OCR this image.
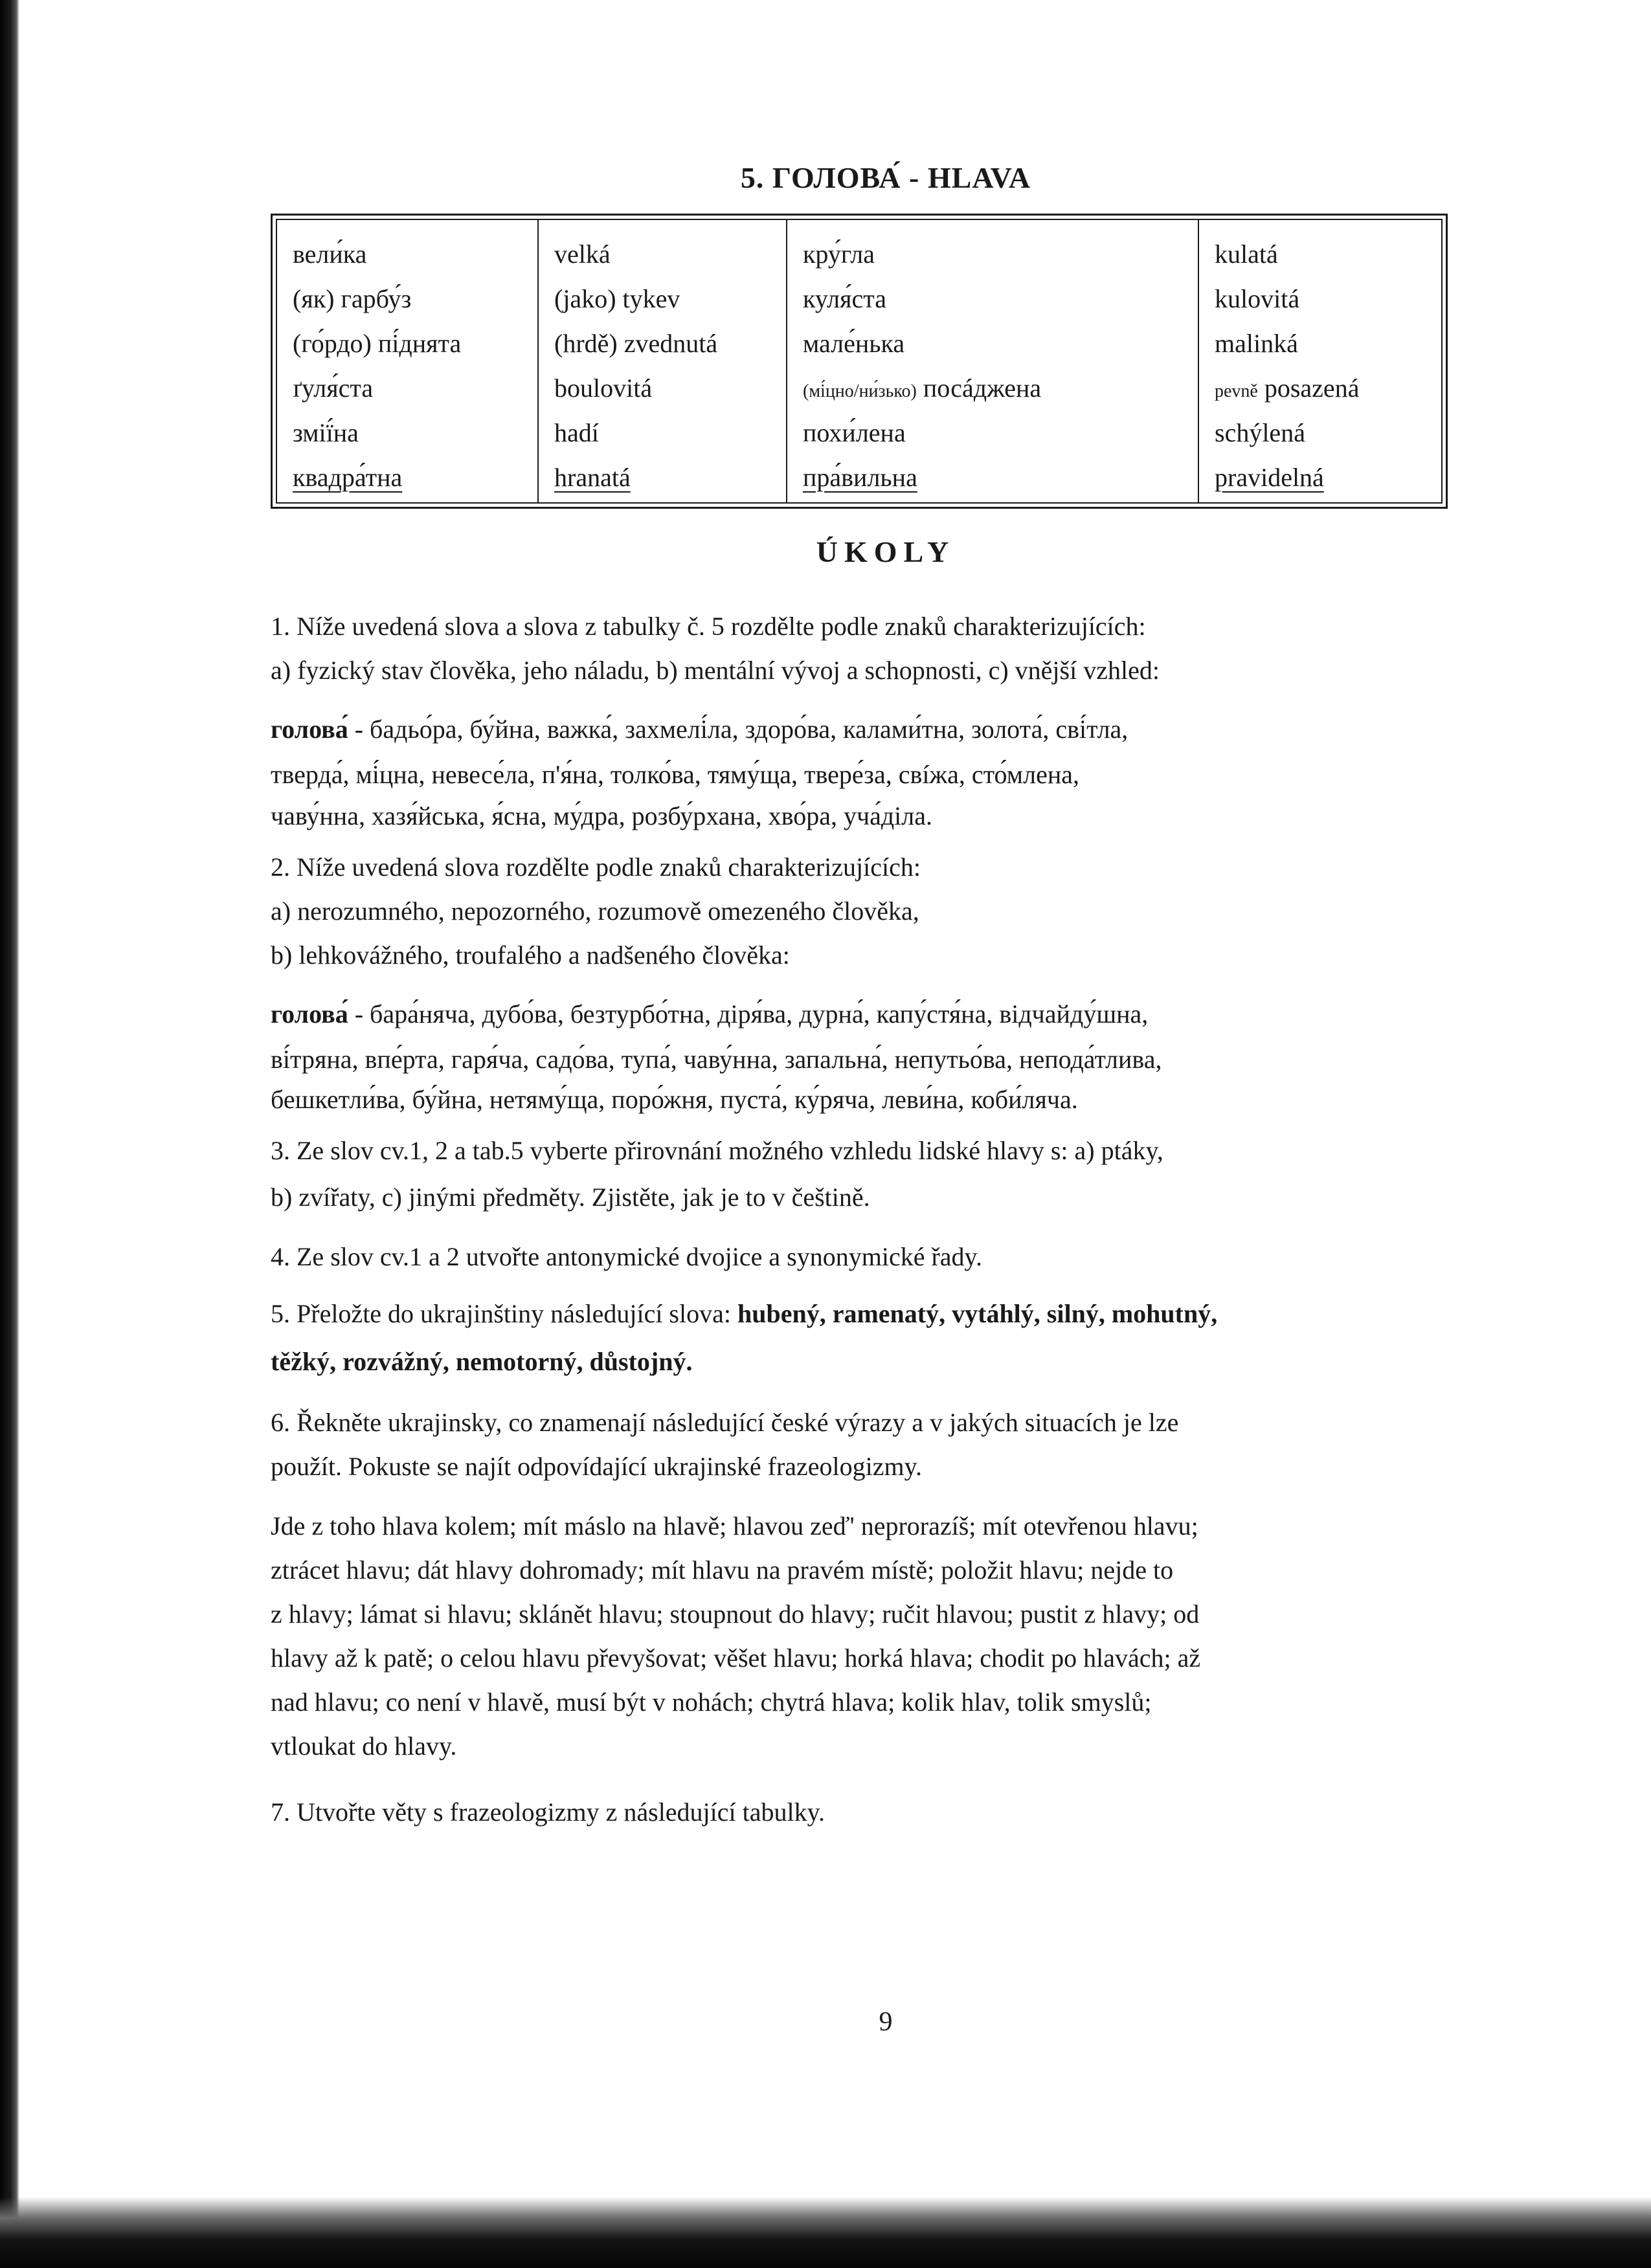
5. ГОЛОВА́ - HLAVA
вели́ка
(як) гарбу́з
(го́рдо) пі́днята
ґуля́ста
змії́на
квадра́тна
velká
(jako) tykev
(hrdě) zvednutá
boulovitá
hadí
hranatá
кру́гла
куля́ста
мале́нька
(мі́цно/ни́зько) посáджена
похи́лена
пра́вильна
kulatá
kulovitá
malinká
pevně posazená
schýlená
pravidelná
ÚKOLY
1. Níže uvedená slova a slova z tabulky č. 5 rozdělte podle znaků charakterizujících:
a) fyzický stav člověka, jeho náladu, b) mentální vývoj a schopnosti, c) vnější vzhled:
голова́ - бадьо́ра, бу́йна, важка́, захмелі́ла, здоро́ва, калами́тна, золота́, сві́тла,
тверда́, мі́цна, невесе́ла, п'я́на, толко́ва, тяму́ща, твере́за, свíжа, сто́млена,
чаву́нна, хазя́йська, я́сна, му́дра, розбу́рхана, хво́ра, уча́діла.
2. Níže uvedená slova rozdělte podle znaků charakterizujících:
a) nerozumného, nepozorného, rozumově omezeného člověka,
b) lehkovážného, troufalého a nadšeného člověka:
голова́ - бара́няча, дубо́ва, безтурбо́тна, діря́ва, дурна́, капу́стя́на, відчайду́шна,
ві́тряна, впе́рта, гаря́ча, садо́ва, тупа́, чаву́нна, запальна́, непутьо́ва, непода́тлива,
бешкетли́ва, бу́йна, нетяму́ща, поро́жня, пуста́, ку́ряча, леви́на, коби́ляча.
3. Ze slov cv.1, 2 a tab.5 vyberte přirovnání možného vzhledu lidské hlavy s: a) ptáky,
b) zvířaty, c) jinými předměty. Zjistěte, jak je to v češtině.
4. Ze slov cv.1 a 2 utvořte antonymické dvojice a synonymické řady.
5. Přeložte do ukrajinštiny následující slova: hubený, ramenatý, vytáhlý, silný, mohutný,
těžký, rozvážný, nemotorný, důstojný.
6. Řekněte ukrajinsky, co znamenají následující české výrazy a v jakých situacích je lze
použít. Pokuste se najít odpovídající ukrajinské frazeologizmy.
Jde z toho hlava kolem; mít máslo na hlavě; hlavou zeď' neprorazíš; mít otevřenou hlavu;
ztrácet hlavu; dát hlavy dohromady; mít hlavu na pravém místě; položit hlavu; nejde to
z hlavy; lámat si hlavu; sklánět hlavu; stoupnout do hlavy; ručit hlavou; pustit z hlavy; od
hlavy až k patě; o celou hlavu převyšovat; věšet hlavu; horká hlava; chodit po hlavách; až
nad hlavu; co není v hlavě, musí být v nohách; chytrá hlava; kolik hlav, tolik smyslů;
vtloukat do hlavy.
7. Utvořte věty s frazeologizmy z následující tabulky.
9
